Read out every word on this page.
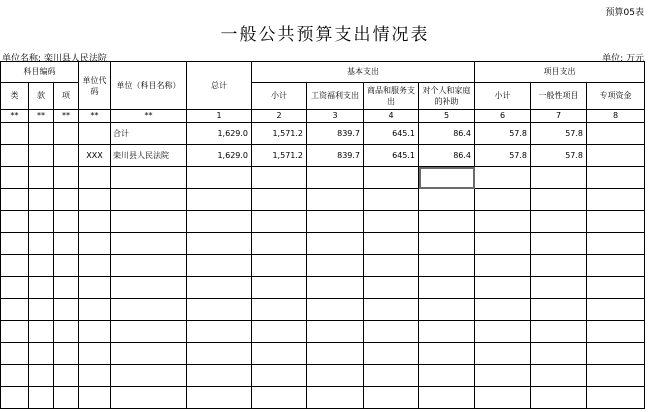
预算05表
一般公共预算支出情况表
单位名称: 栾川县人民法院	单位: 万元
科目编码			单位代码	单位（科目名称）	总计	基本支出				项目支出		
类	款	项				小计	工资福利支出	商品和服务支出	对个人和家庭的补助	小计	一般性项目	专项资金
**	**	**	**	**	1	2	3	4	5	6	7	8
				合计	1,629.0	1,571.2	839.7	645.1	86.4	57.8	57.8	
			XXX	栾川县人民法院	1,629.0	1,571.2	839.7	645.1	86.4	57.8	57.8	
